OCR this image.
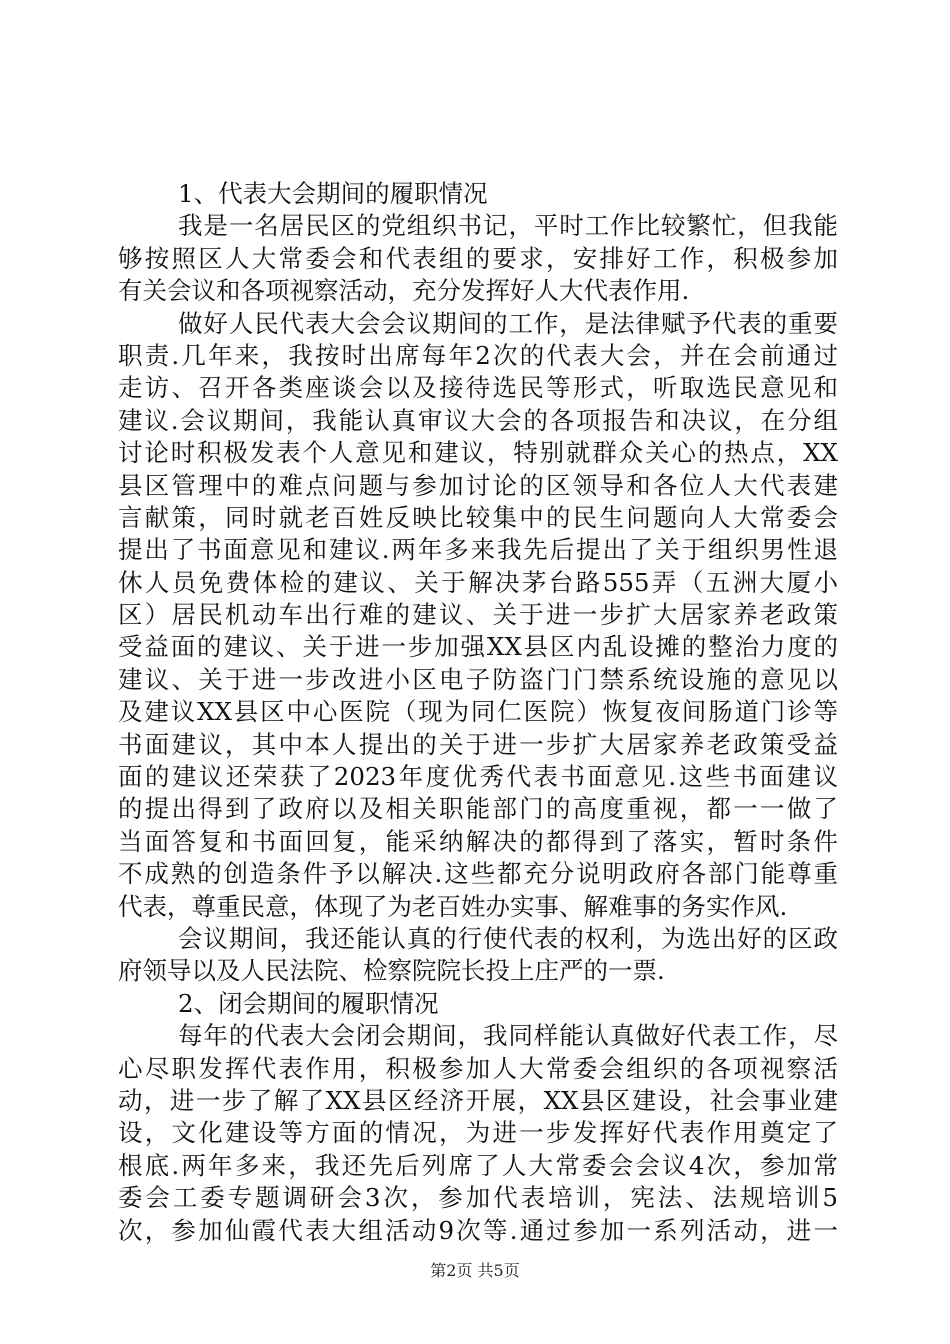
1、代表大会期间的履职情况
我是一名居民区的党组织书记，平时工作比较繁忙，但我能
够按照区人大常委会和代表组的要求，安排好工作，积极参加
有关会议和各项视察活动，充分发挥好人大代表作用.
做好人民代表大会会议期间的工作，是法律赋予代表的重要
职责.几年来，我按时出席每年2次的代表大会，并在会前通过
走访、召开各类座谈会以及接待选民等形式，听取选民意见和
建议.会议期间，我能认真审议大会的各项报告和决议，在分组
讨论时积极发表个人意见和建议，特别就群众关心的热点，XX
县区管理中的难点问题与参加讨论的区领导和各位人大代表建
言献策，同时就老百姓反映比较集中的民生问题向人大常委会
提出了书面意见和建议.两年多来我先后提出了关于组织男性退
休人员免费体检的建议、关于解决茅台路555弄（五洲大厦小
区）居民机动车出行难的建议、关于进一步扩大居家养老政策
受益面的建议、关于进一步加强XX县区内乱设摊的整治力度的
建议、关于进一步改进小区电子防盗门门禁系统设施的意见以
及建议XX县区中心医院（现为同仁医院）恢复夜间肠道门诊等
书面建议，其中本人提出的关于进一步扩大居家养老政策受益
面的建议还荣获了2023年度优秀代表书面意见.这些书面建议
的提出得到了政府以及相关职能部门的高度重视，都一一做了
当面答复和书面回复，能采纳解决的都得到了落实，暂时条件
不成熟的创造条件予以解决.这些都充分说明政府各部门能尊重
代表，尊重民意，体现了为老百姓办实事、解难事的务实作风.
会议期间，我还能认真的行使代表的权利，为选出好的区政
府领导以及人民法院、检察院院长投上庄严的一票.
2、闭会期间的履职情况
每年的代表大会闭会期间，我同样能认真做好代表工作，尽
心尽职发挥代表作用，积极参加人大常委会组织的各项视察活
动，进一步了解了XX县区经济开展，XX县区建设，社会事业建
设，文化建设等方面的情况，为进一步发挥好代表作用奠定了
根底.两年多来，我还先后列席了人大常委会会议4次，参加常
委会工委专题调研会3次，参加代表培训，宪法、法规培训5
次，参加仙霞代表大组活动9次等.通过参加一系列活动，进一
第2页 共5页
